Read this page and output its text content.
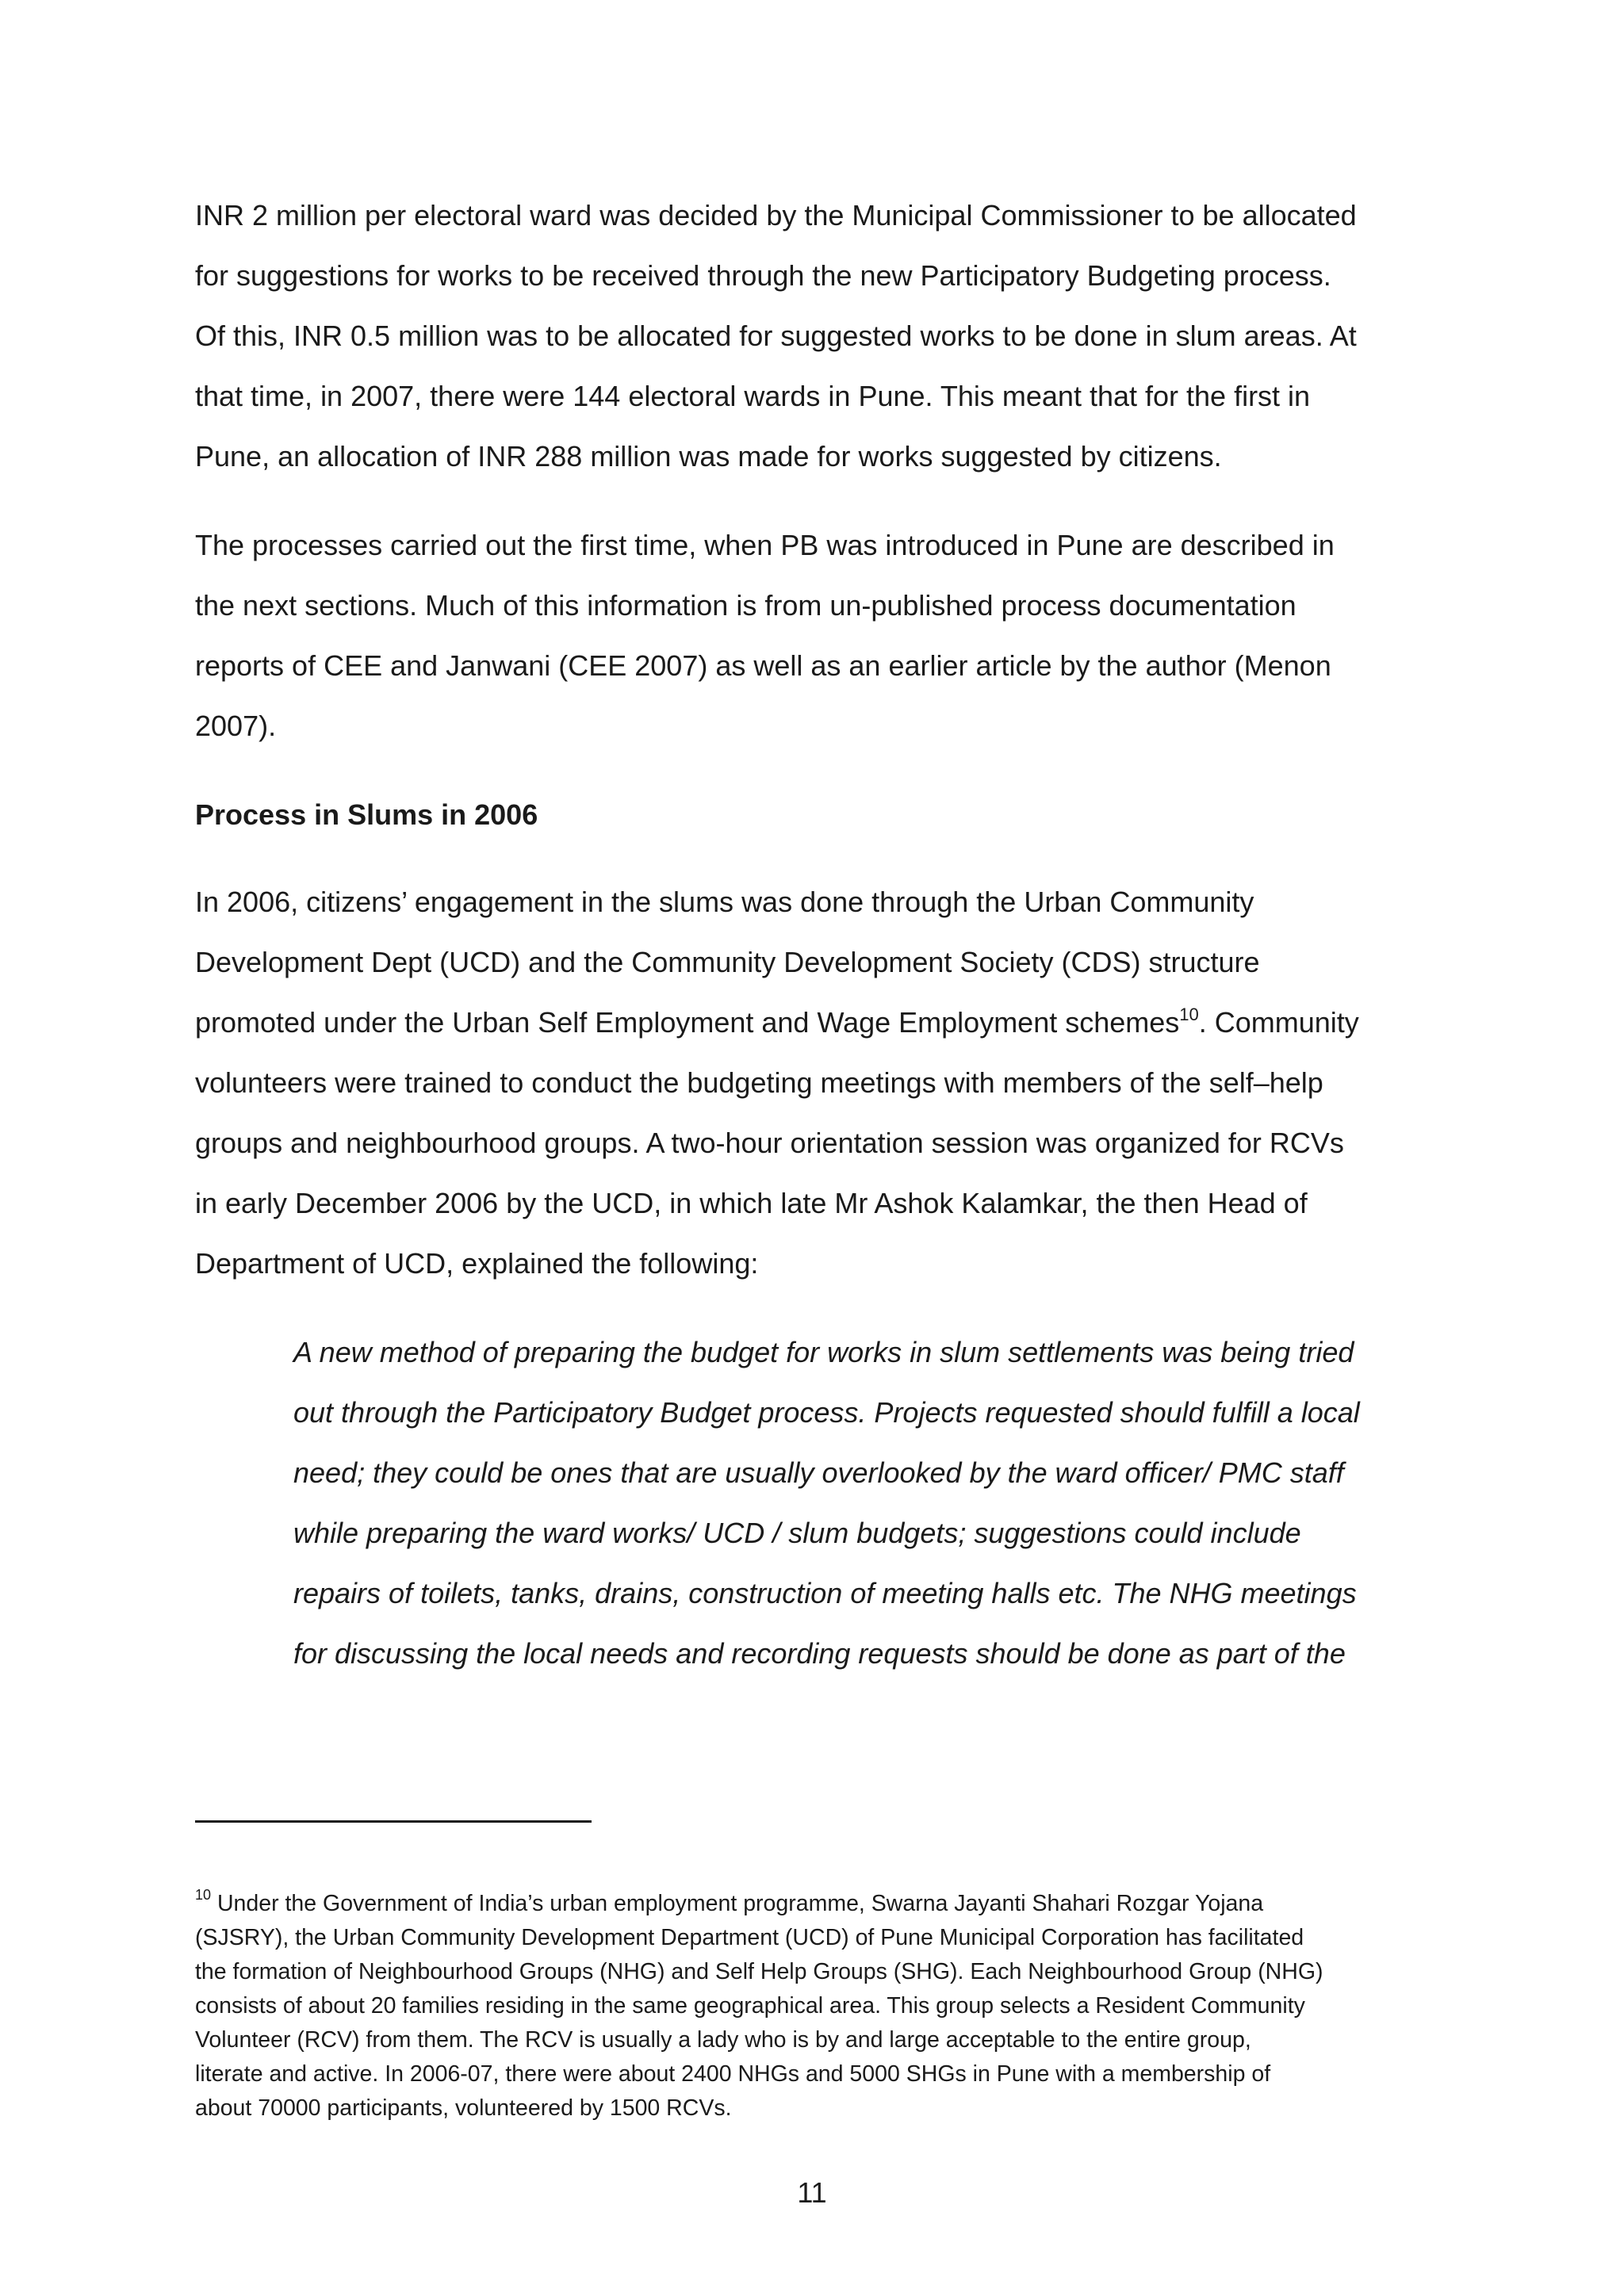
INR 2 million per electoral ward was decided by the Municipal Commissioner to be allocated
for suggestions for works to be received through the new Participatory Budgeting process.
Of this, INR 0.5 million was to be allocated for suggested works to be done in slum areas. At
that time, in 2007, there were 144 electoral wards in Pune. This meant that for the first in
Pune, an allocation of INR 288 million was made for works suggested by citizens.
The processes carried out the first time, when PB was introduced in Pune are described in
the next sections. Much of this information is from un-published process documentation
reports of CEE and Janwani (CEE 2007) as well as an earlier article by the author (Menon
2007).
Process in Slums in 2006
In 2006, citizens’ engagement in the slums was done through the Urban Community
Development Dept (UCD) and the Community Development Society (CDS) structure
promoted under the Urban Self Employment and Wage Employment schemes$^{10}$. Community
volunteers were trained to conduct the budgeting meetings with members of the self–help
groups and neighbourhood groups. A two-hour orientation session was organized for RCVs
in early December 2006 by the UCD, in which late Mr Ashok Kalamkar, the then Head of
Department of UCD, explained the following:
A new method of preparing the budget for works in slum settlements was being tried
out through the Participatory Budget process. Projects requested should fulfill a local
need; they could be ones that are usually overlooked by the ward officer/ PMC staff
while preparing the ward works/ UCD / slum budgets; suggestions could include
repairs of toilets, tanks, drains, construction of meeting halls etc. The NHG meetings
for discussing the local needs and recording requests should be done as part of the
$^{10}$ Under the Government of India’s urban employment programme, Swarna Jayanti Shahari Rozgar Yojana
(SJSRY), the Urban Community Development Department (UCD) of Pune Municipal Corporation has facilitated
the formation of Neighbourhood Groups (NHG) and Self Help Groups (SHG). Each Neighbourhood Group (NHG)
consists of about 20 families residing in the same geographical area. This group selects a Resident Community
Volunteer (RCV) from them. The RCV is usually a lady who is by and large acceptable to the entire group,
literate and active. In 2006-07, there were about 2400 NHGs and 5000 SHGs in Pune with a membership of
about 70000 participants, volunteered by 1500 RCVs.
11
